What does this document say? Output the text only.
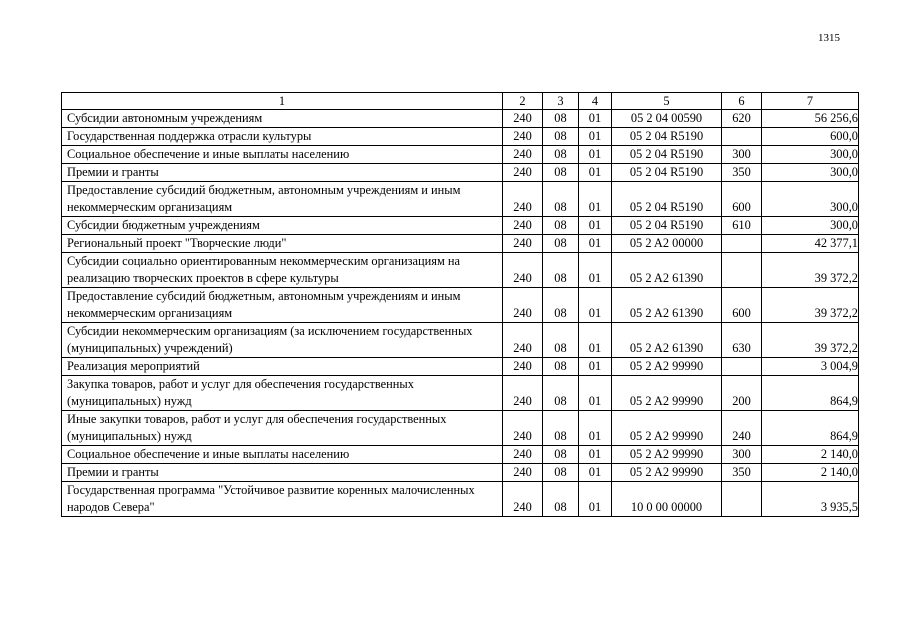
1315
1	2	3	4	5	6	7
Субсидии автономным учреждениям	240	08	01	05 2 04 00590	620	56 256,6
Государственная поддержка отрасли культуры	240	08	01	05 2 04 R5190		600,0
Социальное обеспечение и иные выплаты населению	240	08	01	05 2 04 R5190	300	300,0
Премии и гранты	240	08	01	05 2 04 R5190	350	300,0
Предоставление субсидий бюджетным, автономным учреждениям и иным некоммерческим организациям	240	08	01	05 2 04 R5190	600	300,0
Субсидии бюджетным учреждениям	240	08	01	05 2 04 R5190	610	300,0
Региональный проект "Творческие люди"	240	08	01	05 2 A2 00000		42 377,1
Субсидии социально ориентированным некоммерческим организациям на реализацию творческих проектов в сфере культуры	240	08	01	05 2 A2 61390		39 372,2
Предоставление субсидий бюджетным, автономным учреждениям и иным некоммерческим организациям	240	08	01	05 2 A2 61390	600	39 372,2
Субсидии некоммерческим организациям (за исключением государственных (муниципальных) учреждений)	240	08	01	05 2 A2 61390	630	39 372,2
Реализация мероприятий	240	08	01	05 2 A2 99990		3 004,9
Закупка товаров, работ и услуг для обеспечения государственных (муниципальных) нужд	240	08	01	05 2 A2 99990	200	864,9
Иные закупки товаров, работ и услуг для обеспечения государственных (муниципальных) нужд	240	08	01	05 2 A2 99990	240	864,9
Социальное обеспечение и иные выплаты населению	240	08	01	05 2 A2 99990	300	2 140,0
Премии и гранты	240	08	01	05 2 A2 99990	350	2 140,0
Государственная программа "Устойчивое развитие коренных малочисленных народов Севера"	240	08	01	10 0 00 00000		3 935,5
